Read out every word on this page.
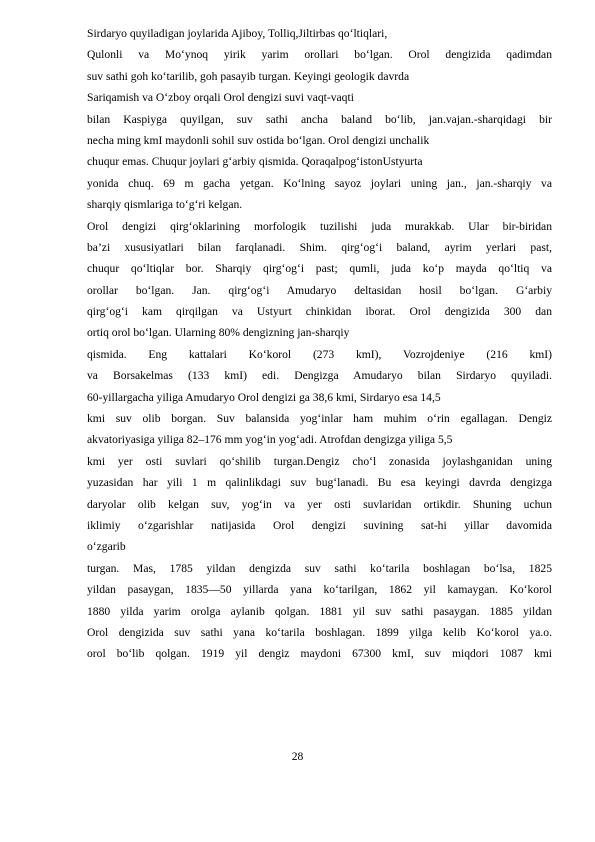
Sirdaryo quyiladigan joylarida Ajiboy, Tolliq,Jiltirbas qo‘ltiqlari,
Qulonli va Mo‘ynoq yirik yarim orollari bo‘lgan. Orol dengizida qadimdan
suv sathi goh ko‘tarilib, goh pasayib turgan. Keyingi geologik davrda
Sariqamish va O‘zboy orqali Orol dengizi suvi vaqt-vaqti
bilan Kaspiyga quyilgan, suv sathi ancha baland bo‘lib, jan.vajan.-sharqidagi bir
necha ming kmI maydonli sohil suv ostida bo‘lgan. Orol dengizi unchalik
chuqur emas. Chuqur joylari g‘arbiy qismida. QoraqalpogʻistonUstyurta
yonida chuq. 69 m gacha yetgan. Ko‘lning sayoz joylari uning jan., jan.-sharqiy va
sharqiy qismlariga to‘g‘ri kelgan.
Orol dengizi qirg‘oklarining morfologik tuzilishi juda murakkab. Ular bir-biridan
ba’zi xususiyatlari bilan farqlanadi. Shim. qirg‘og‘i baland, ayrim yerlari past,
chuqur qo‘ltiqlar bor. Sharqiy qirg‘og‘i past; qumli, juda ko‘p mayda qo‘ltiq va
orollar bo‘lgan. Jan. qirg‘og‘i Amudaryo deltasidan hosil bo‘lgan. G‘arbiy
qirg‘og‘i kam qirqilgan va Ustyurt chinkidan iborat. Orol dengizida 300 dan
ortiq orol bo‘lgan. Ularning 80% dengizning jan-sharqiy
qismida. Eng kattalari Ko‘korol (273 kmI), Vozrojdeniye (216 kmI)
va Borsakelmas (133 kmI) edi. Dengizga Amudaryo bilan Sirdaryo quyiladi.
60-yillargacha yiliga Amudaryo Orol dengizi ga 38,6 kmi, Sirdaryo esa 14,5
kmi suv olib borgan. Suv balansida yog‘inlar ham muhim o‘rin egallagan. Dengiz
akvatoriyasiga yiliga 82–176 mm yog‘in yog‘adi. Atrofdan dengizga yiliga 5,5
kmi yer osti suvlari qo‘shilib turgan.Dengiz cho‘l zonasida joylashganidan uning
yuzasidan har yili 1 m qalinlikdagi suv bug‘lanadi. Bu esa keyingi davrda dengizga
daryolar olib kelgan suv, yog‘in va yer osti suvlaridan ortikdir. Shuning uchun
iklimiy o‘zgarishlar natijasida Orol dengizi suvining sat-hi yillar davomida
o‘zgarib
turgan. Mas, 1785 yildan dengizda suv sathi ko‘tarila boshlagan bo‘lsa, 1825
yildan pasaygan, 1835—50 yillarda yana ko‘tarilgan, 1862 yil kamaygan. Ko‘korol
1880 yilda yarim orolga aylanib qolgan. 1881 yil suv sathi pasaygan. 1885 yildan
Orol dengizida suv sathi yana ko‘tarila boshlagan. 1899 yilga kelib Ko‘korol ya.o.
orol bo‘lib qolgan. 1919 yil dengiz maydoni 67300 kmI, suv miqdori 1087 kmi
28
